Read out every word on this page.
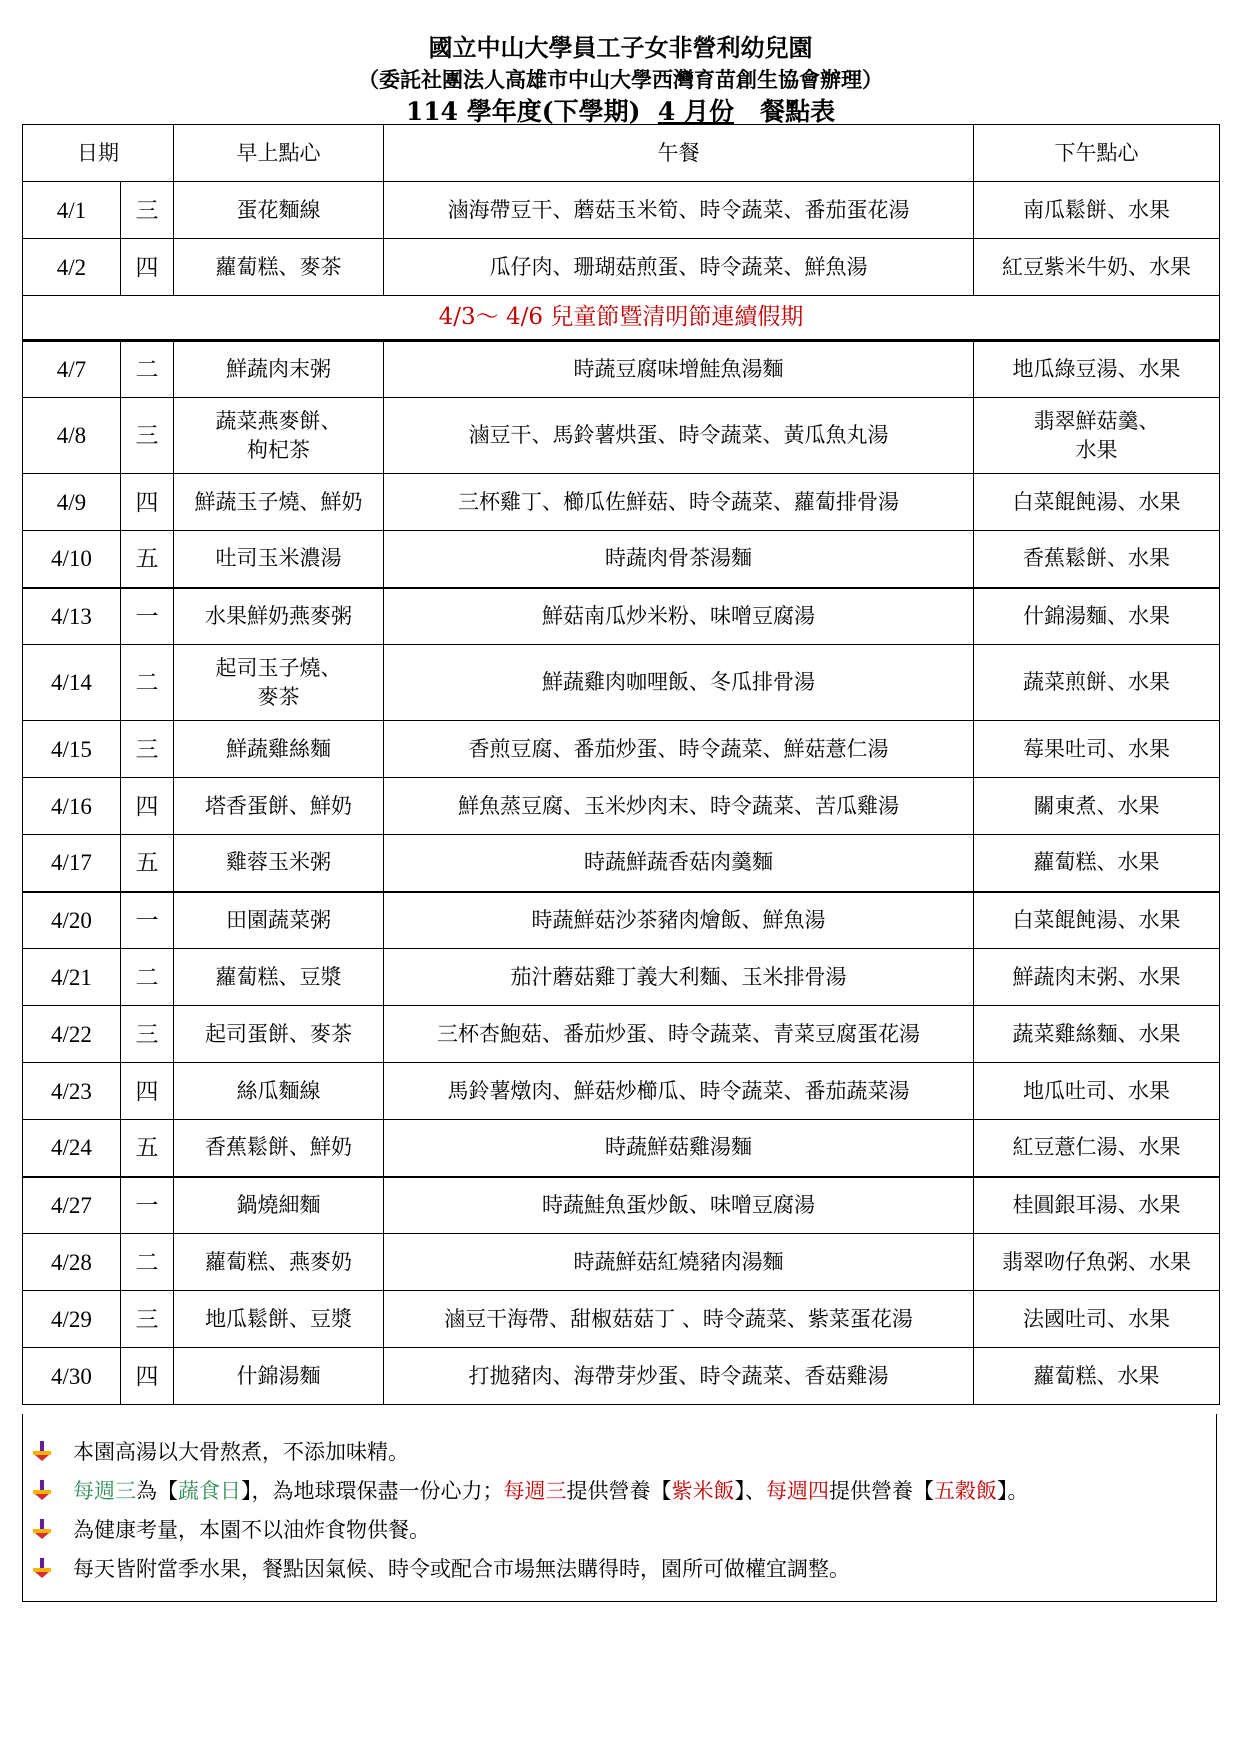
國立中山大學員工子女非營利幼兒園
（委託社團法人高雄市中山大學西灣育苗創生協會辦理）
114 學年度(下學期) 4 月份 餐點表
日期		早上點心	午餐	下午點心
4/1	三	蛋花麵線	滷海帶豆干、蘑菇玉米筍、時令蔬菜、番茄蛋花湯	南瓜鬆餅、水果
4/2	四	蘿蔔糕、麥茶	瓜仔肉、珊瑚菇煎蛋、時令蔬菜、鮮魚湯	紅豆紫米牛奶、水果
4/3～ 4/6 兒童節暨清明節連續假期				
4/7	二	鮮蔬肉末粥	時蔬豆腐味增鮭魚湯麵	地瓜綠豆湯、水果
4/8	三	蔬菜燕麥餅、
枸杞茶	滷豆干、馬鈴薯烘蛋、時令蔬菜、黃瓜魚丸湯	翡翠鮮菇羹、
水果
4/9	四	鮮蔬玉子燒、鮮奶	三杯雞丁、櫛瓜佐鮮菇、時令蔬菜、蘿蔔排骨湯	白菜餛飩湯、水果
4/10	五	吐司玉米濃湯	時蔬肉骨茶湯麵	香蕉鬆餅、水果
4/13	一	水果鮮奶燕麥粥	鮮菇南瓜炒米粉、味噌豆腐湯	什錦湯麵、水果
4/14	二	起司玉子燒、
麥茶	鮮蔬雞肉咖哩飯、冬瓜排骨湯	蔬菜煎餅、水果
4/15	三	鮮蔬雞絲麵	香煎豆腐、番茄炒蛋、時令蔬菜、鮮菇薏仁湯	莓果吐司、水果
4/16	四	塔香蛋餅、鮮奶	鮮魚蒸豆腐、玉米炒肉末、時令蔬菜、苦瓜雞湯	關東煮、水果
4/17	五	雞蓉玉米粥	時蔬鮮蔬香菇肉羹麵	蘿蔔糕、水果
4/20	一	田園蔬菜粥	時蔬鮮菇沙茶豬肉燴飯、鮮魚湯	白菜餛飩湯、水果
4/21	二	蘿蔔糕、豆漿	茄汁蘑菇雞丁義大利麵、玉米排骨湯	鮮蔬肉末粥、水果
4/22	三	起司蛋餅、麥茶	三杯杏鮑菇、番茄炒蛋、時令蔬菜、青菜豆腐蛋花湯	蔬菜雞絲麵、水果
4/23	四	絲瓜麵線	馬鈴薯燉肉、鮮菇炒櫛瓜、時令蔬菜、番茄蔬菜湯	地瓜吐司、水果
4/24	五	香蕉鬆餅、鮮奶	時蔬鮮菇雞湯麵	紅豆薏仁湯、水果
4/27	一	鍋燒細麵	時蔬鮭魚蛋炒飯、味噌豆腐湯	桂圓銀耳湯、水果
4/28	二	蘿蔔糕、燕麥奶	時蔬鮮菇紅燒豬肉湯麵	翡翠吻仔魚粥、水果
4/29	三	地瓜鬆餅、豆漿	滷豆干海帶、甜椒菇菇丁 、時令蔬菜、紫菜蛋花湯	法國吐司、水果
4/30	四	什錦湯麵	打拋豬肉、海帶芽炒蛋、時令蔬菜、香菇雞湯	蘿蔔糕、水果
本園高湯以大骨熬煮，不添加味精。
每週三為【蔬食日】，為地球環保盡一份心力；每週三提供營養【紫米飯】、每週四提供營養【五穀飯】。
為健康考量，本園不以油炸食物供餐。
每天皆附當季水果，餐點因氣候、時令或配合市場無法購得時，園所可做權宜調整。
